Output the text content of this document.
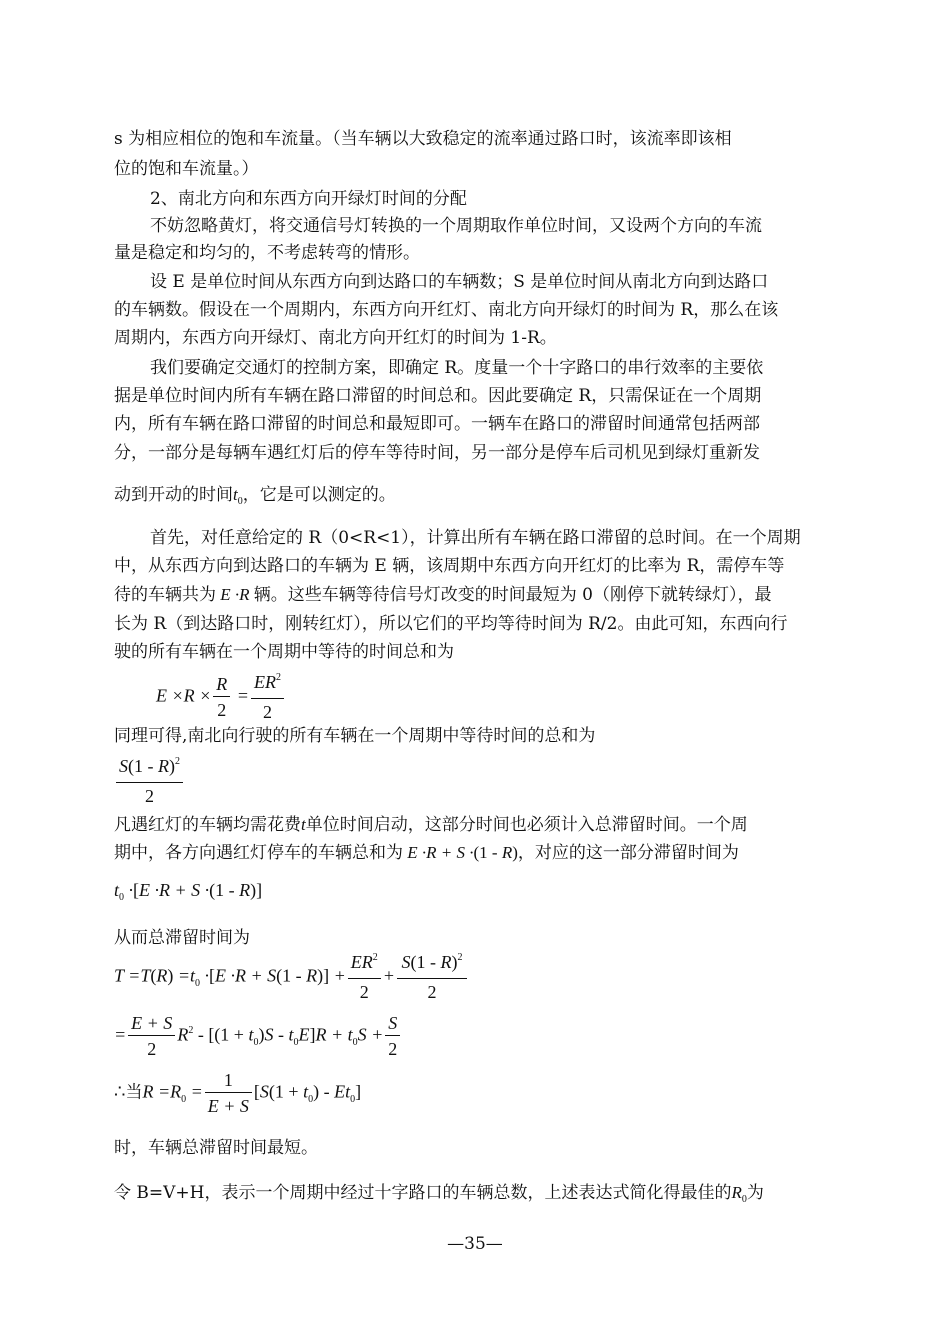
s 为相应相位的饱和车流量。（当车辆以大致稳定的流率通过路口时，该流率即该相
位的饱和车流量。）
2、南北方向和东西方向开绿灯时间的分配
不妨忽略黄灯，将交通信号灯转换的一个周期取作单位时间，又设两个方向的车流
量是稳定和均匀的，不考虑转弯的情形。
设 E 是单位时间从东西方向到达路口的车辆数；S 是单位时间从南北方向到达路口
的车辆数。假设在一个周期内，东西方向开红灯、南北方向开绿灯的时间为 R，那么在该
周期内，东西方向开绿灯、南北方向开红灯的时间为 1-R。
我们要确定交通灯的控制方案，即确定 R。度量一个十字路口的串行效率的主要依
据是单位时间内所有车辆在路口滞留的时间总和。因此要确定 R，只需保证在一个周期
内，所有车辆在路口滞留的时间总和最短即可。一辆车在路口的滞留时间通常包括两部
分，一部分是每辆车遇红灯后的停车等待时间，另一部分是停车后司机见到绿灯重新发
动到开动的时间$t_0$，它是可以测定的。
首先，对任意给定的 R（0<R<1），计算出所有车辆在路口滞留的总时间。在一个周期
中，从东西方向到达路口的车辆为 E 辆，该周期中东西方向开红灯的比率为 R，需停车等
待的车辆共为 E ·R 辆。这些车辆等待信号灯改变的时间最短为 0（刚停下就转绿灯），最
长为 R（到达路口时，刚转红灯），所以它们的平均等待时间为 R/2。由此可知，东西向行
驶的所有车辆在一个周期中等待的时间总和为
$E \times R \times \frac{R}{2} = \frac{ER^2}{2}$
同理可得,南北向行驶的所有车辆在一个周期中等待时间的总和为
$\frac{S(1 - R)^2}{2}$
凡遇红灯的车辆均需花费t单位时间启动，这部分时间也必须计入总滞留时间。一个周
期中，各方向遇红灯停车的车辆总和为 E ·R + S ·(1 - R)，对应的这一部分滞留时间为
$t_0 \cdot[E \cdot R + S \cdot(1 - R)]$
从而总滞留时间为
$T =T(R) =t_0 \cdot[E \cdot R + S(1 - R)] + \frac{ER^2}{2} + \frac{S(1 - R)^2}{2}$
= $\frac{E + S}{2} R^2 - [(1 + t_0)S - t_0E]R + t_0S + \frac{S}{2}$
∴当$R =R_0 = \frac{1}{E + S} [S(1 + t_0) - Et_0]$
时，车辆总滞留时间最短。
令 B=V+H，表示一个周期中经过十字路口的车辆总数，上述表达式简化得最佳的$R_0$为
—35—
